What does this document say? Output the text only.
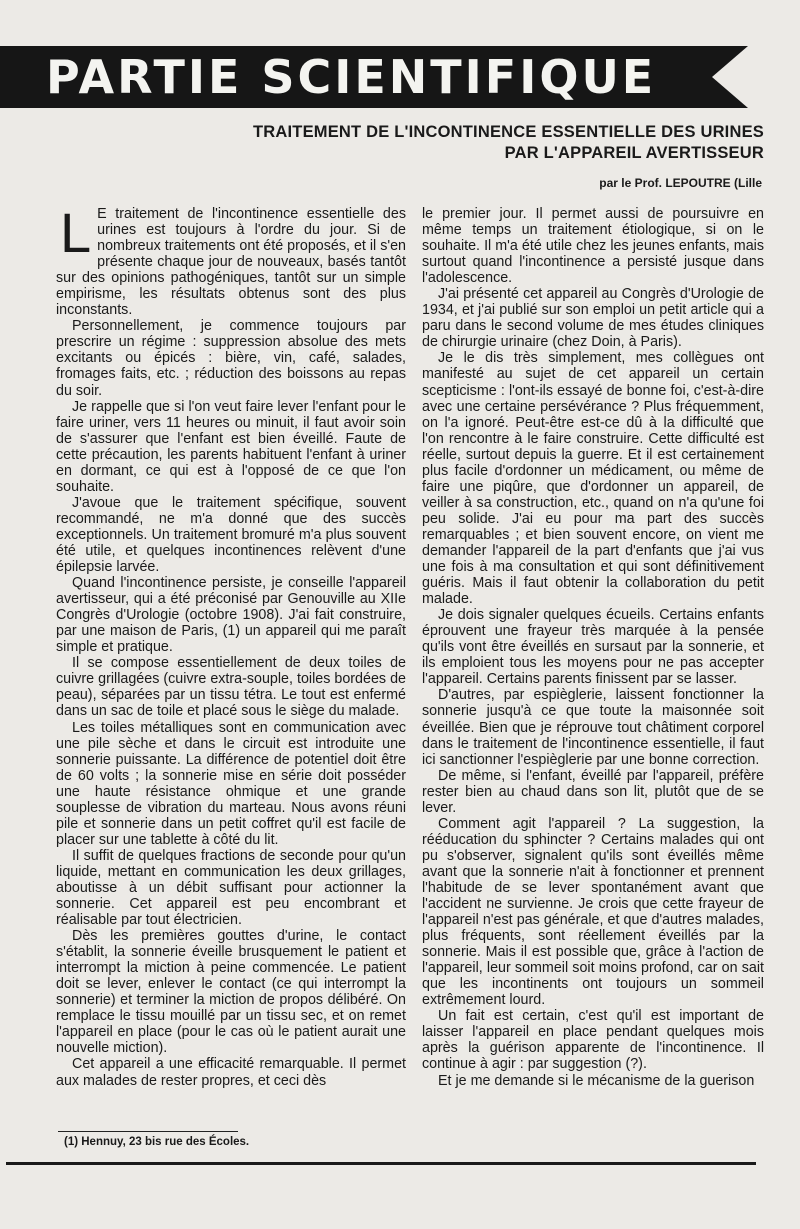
PARTIE SCIENTIFIQUE
TRAITEMENT DE L'INCONTINENCE ESSENTIELLE DES URINES
PAR L'APPAREIL AVERTISSEUR
par le Prof. LEPOUTRE (Lille

L E traitement de l'incontinence essentielle des urines est toujours à l'ordre du jour. Si de nombreux traitements ont été proposés, et il s'en présente chaque jour de nouveaux, basés tantôt sur des opinions pathogéniques, tantôt sur un simple empirisme, les résultats obtenus sont des plus inconstants.

Personnellement, je commence toujours par prescrire un régime : suppression absolue des mets excitants ou épicés : bière, vin, café, salades, fromages faits, etc. ; réduction des boissons au repas du soir.

Je rappelle que si l'on veut faire lever l'enfant pour le faire uriner, vers 11 heures ou minuit, il faut avoir soin de s'assurer que l'enfant est bien éveillé. Faute de cette précaution, les parents habituent l'enfant à uriner en dormant, ce qui est à l'opposé de ce que l'on souhaite.

J'avoue que le traitement spécifique, souvent recommandé, ne m'a donné que des succès exceptionnels. Un traitement bromuré m'a plus souvent été utile, et quelques incontinences relèvent d'une épilepsie larvée.

Quand l'incontinence persiste, je conseille l'appareil avertisseur, qui a été préconisé par Genouville au XIIe Congrès d'Urologie (octobre 1908). J'ai fait construire, par une maison de Paris, (1) un appareil qui me paraît simple et pratique.

Il se compose essentiellement de deux toiles de cuivre grillagées (cuivre extra-souple, toiles bordées de peau), séparées par un tissu tétra. Le tout est enfermé dans un sac de toile et placé sous le siège du malade.

Les toiles métalliques sont en communication avec une pile sèche et dans le circuit est introduite une sonnerie puissante. La différence de potentiel doit être de 60 volts ; la sonnerie mise en série doit posséder une haute résistance ohmique et une grande souplesse de vibration du marteau. Nous avons réuni pile et sonnerie dans un petit coffret qu'il est facile de placer sur une tablette à côté du lit.

Il suffit de quelques fractions de seconde pour qu'un liquide, mettant en communication les deux grillages, aboutisse à un débit suffisant pour actionner la sonnerie. Cet appareil est peu encombrant et réalisable par tout électricien.

Dès les premières gouttes d'urine, le contact s'établit, la sonnerie éveille brusquement le patient et interrompt la miction à peine commencée. Le patient doit se lever, enlever le contact (ce qui interrompt la sonnerie) et terminer la miction de propos délibéré. On remplace le tissu mouillé par un tissu sec, et on remet l'appareil en place (pour le cas où le patient aurait une nouvelle miction).

Cet appareil a une efficacité remarquable. Il permet aux malades de rester propres, et ceci dès

(1) Hennuy, 23 bis rue des Écoles.

le premier jour. Il permet aussi de poursuivre en même temps un traitement étiologique, si on le souhaite. Il m'a été utile chez les jeunes enfants, mais surtout quand l'incontinence a persisté jusque dans l'adolescence.

J'ai présenté cet appareil au Congrès d'Urologie de 1934, et j'ai publié sur son emploi un petit article qui a paru dans le second volume de mes études cliniques de chirurgie urinaire (chez Doin, à Paris).

Je le dis très simplement, mes collègues ont manifesté au sujet de cet appareil un certain scepticisme : l'ont-ils essayé de bonne foi, c'est-à-dire avec une certaine persévérance ? Plus fréquemment, on l'a ignoré. Peut-être est-ce dû à la difficulté que l'on rencontre à le faire construire. Cette difficulté est réelle, surtout depuis la guerre. Et il est certainement plus facile d'ordonner un médicament, ou même de faire une piqûre, que d'ordonner un appareil, de veiller à sa construction, etc., quand on n'a qu'une foi peu solide. J'ai eu pour ma part des succès remarquables ; et bien souvent encore, on vient me demander l'appareil de la part d'enfants que j'ai vus une fois à ma consultation et qui sont définitivement guéris. Mais il faut obtenir la collaboration du petit malade.

Je dois signaler quelques écueils. Certains enfants éprouvent une frayeur très marquée à la pensée qu'ils vont être éveillés en sursaut par la sonnerie, et ils emploient tous les moyens pour ne pas accepter l'appareil. Certains parents finissent par se lasser.

D'autres, par espièglerie, laissent fonctionner la sonnerie jusqu'à ce que toute la maisonnée soit éveillée. Bien que je réprouve tout châtiment corporel dans le traitement de l'incontinence essentielle, il faut ici sanctionner l'espièglerie par une bonne correction.

De même, si l'enfant, éveillé par l'appareil, préfère rester bien au chaud dans son lit, plutôt que de se lever.

Comment agit l'appareil ? La suggestion, la rééducation du sphincter ? Certains malades qui ont pu s'observer, signalent qu'ils sont éveillés même avant que la sonnerie n'ait à fonctionner et prennent l'habitude de se lever spontanément avant que l'accident ne survienne. Je crois que cette frayeur de l'appareil n'est pas générale, et que d'autres malades, plus fréquents, sont réellement éveillés par la sonnerie. Mais il est possible que, grâce à l'action de l'appareil, leur sommeil soit moins profond, car on sait que les incontinents ont toujours un sommeil extrêmement lourd.

Un fait est certain, c'est qu'il est important de laisser l'appareil en place pendant quelques mois après la guérison apparente de l'incontinence. Il continue à agir : par suggestion (?).

Et je me demande si le mécanisme de la guerison
